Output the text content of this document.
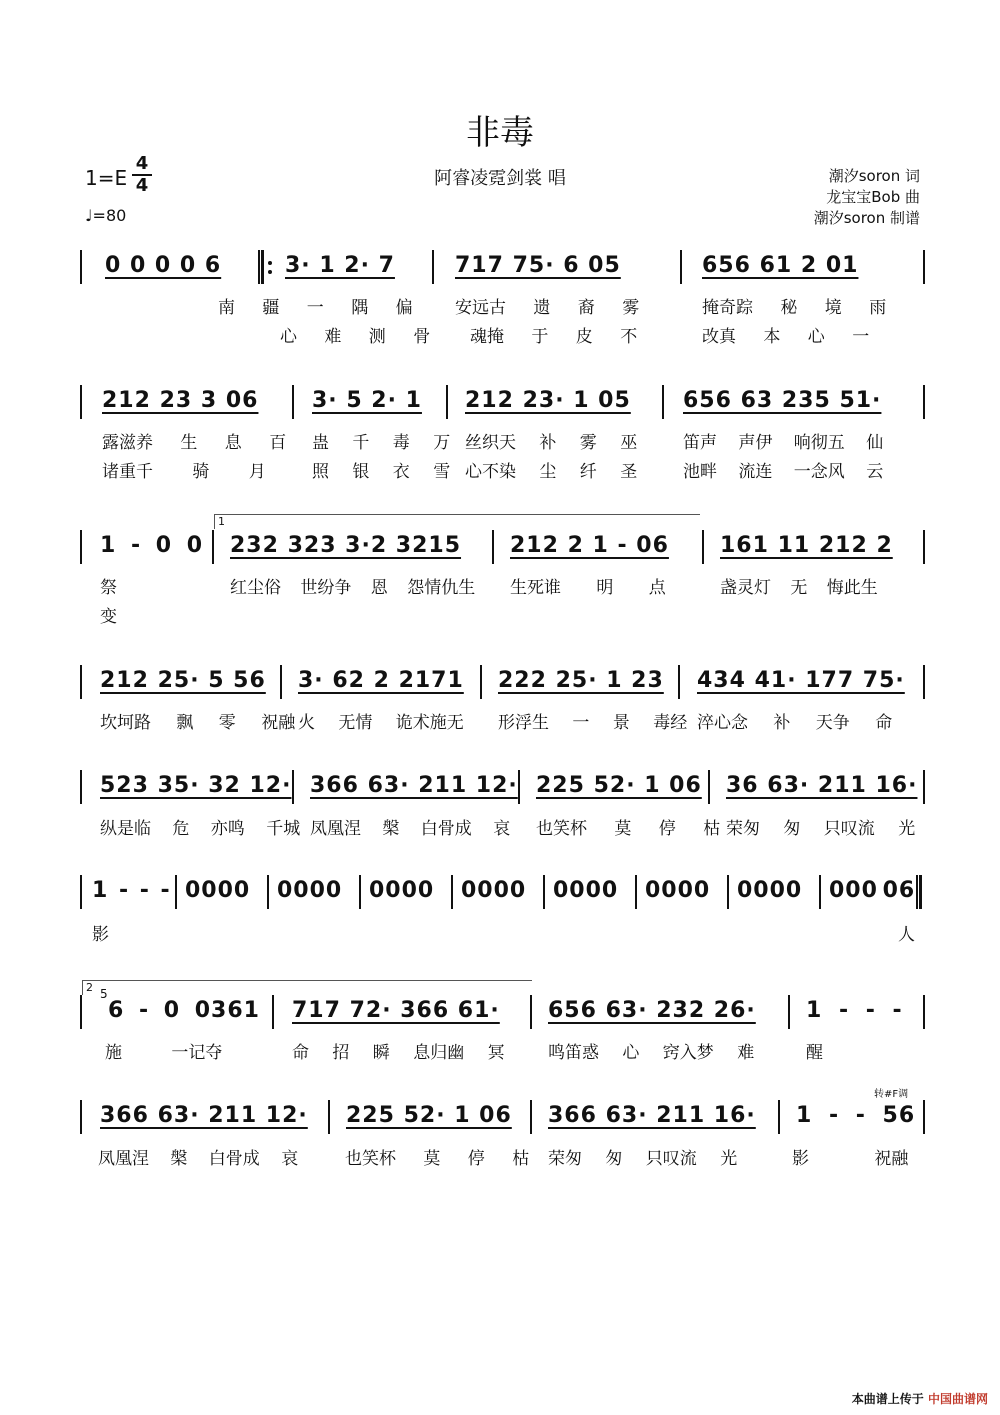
非毒
1=E
4
4
♩=80
阿睿凌霓剑裳 唱	潮汐soron 词
龙宝宝Bob 曲
潮汐soron 制谱
0 0 0 0 6	3· 1 2· 7	717 75· 6 05	656 61 2 01
南 疆 一 隅 偏 安远古 遗 裔 雾	掩奇踪 秘 境 雨
心 难 测 骨 魂掩 于 皮 不	改真 本 心 一
212 23 3 06 3· 5 2· 1 212 23· 1 05 656 63 235 51·
露滋养 生 息 百 蛊 千 毒 万 丝织天 补 雾 巫	笛声 声伊 响彻五 仙
诸重千 骑 月	照 银 衣 雪 心不染 尘 纤 圣	池畔 流连 一念风 云
1
1 - 0 0 232 323 3·2 3215 212 2 1 - 06 161 11 212 2
祭	红尘俗 世纷争 恩 怨情仇生 生死谁 明 点	盏灵灯 无 悔此生
变
212 25· 5 56 3· 62 2 2171 222 25· 1 23 434 41· 177 75·
坎坷路 飘 零 祝融 火 无情 诡术施无 形浮生 一 景 毒经 淬心念 补 天争 命
523 35· 32 12· 366 63· 211 12· 225 52· 1 06 36 63· 211 16·
纵是临 危 亦鸣 千城 凤凰涅 槃 白骨成 哀 也笑杯 莫 停 枯 荣匆 匆 只叹流 光
1 - - - 0000 0000 0000 0000 0000 0000 0000 000 06
影	人
2 5
6 - 0 0361 717 72· 366 61· 656 63· 232 26· 1 - - -
施 一记夺	命 招 瞬 息归幽 冥	鸣笛惑 心 窍入梦 难	醒
转#F调
366 63· 211 12· 225 52· 1 06 366 63· 211 16· 1 - - 56
凤凰涅 槃 白骨成 哀	也笑杯 莫 停 枯 荣匆 匆 只叹流 光	影 祝融
本曲谱上传于 中国曲谱网
